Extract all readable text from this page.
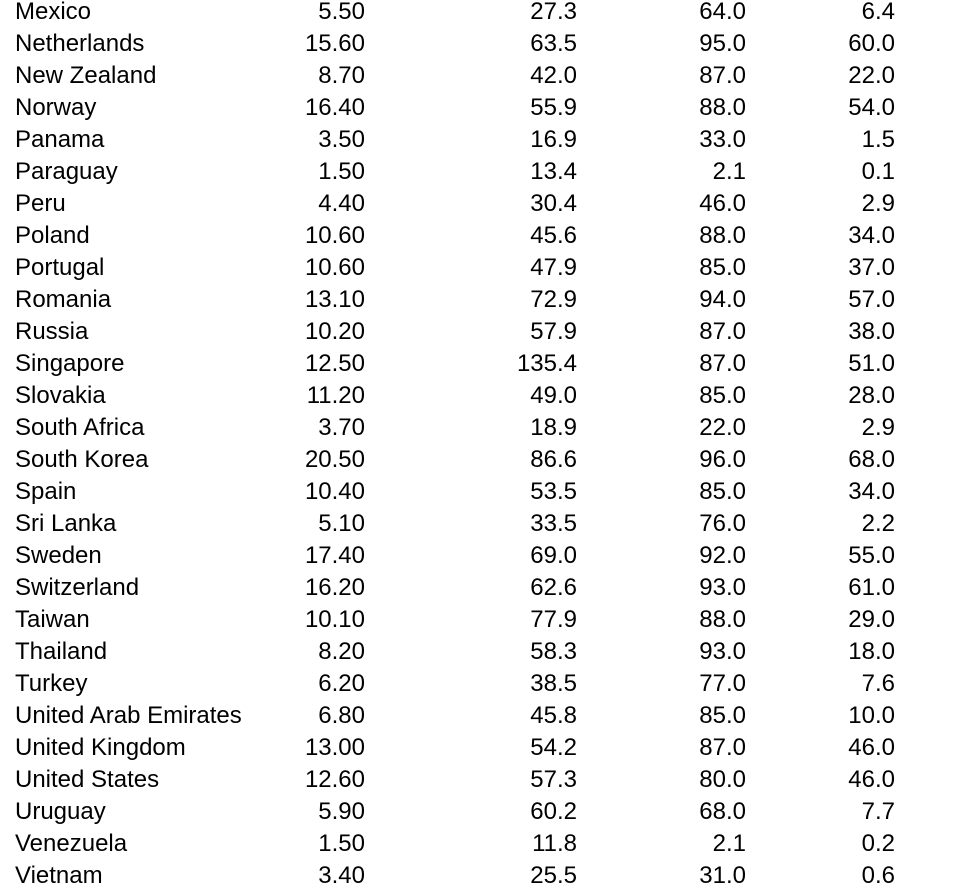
Mexico	5.50	27.3	64.0	6.4
Netherlands	15.60	63.5	95.0	60.0
New Zealand	8.70	42.0	87.0	22.0
Norway	16.40	55.9	88.0	54.0
Panama	3.50	16.9	33.0	1.5
Paraguay	1.50	13.4	2.1	0.1
Peru	4.40	30.4	46.0	2.9
Poland	10.60	45.6	88.0	34.0
Portugal	10.60	47.9	85.0	37.0
Romania	13.10	72.9	94.0	57.0
Russia	10.20	57.9	87.0	38.0
Singapore	12.50	135.4	87.0	51.0
Slovakia	11.20	49.0	85.0	28.0
South Africa	3.70	18.9	22.0	2.9
South Korea	20.50	86.6	96.0	68.0
Spain	10.40	53.5	85.0	34.0
Sri Lanka	5.10	33.5	76.0	2.2
Sweden	17.40	69.0	92.0	55.0
Switzerland	16.20	62.6	93.0	61.0
Taiwan	10.10	77.9	88.0	29.0
Thailand	8.20	58.3	93.0	18.0
Turkey	6.20	38.5	77.0	7.6
United Arab Emirates	6.80	45.8	85.0	10.0
United Kingdom	13.00	54.2	87.0	46.0
United States	12.60	57.3	80.0	46.0
Uruguay	5.90	60.2	68.0	7.7
Venezuela	1.50	11.8	2.1	0.2
Vietnam	3.40	25.5	31.0	0.6
